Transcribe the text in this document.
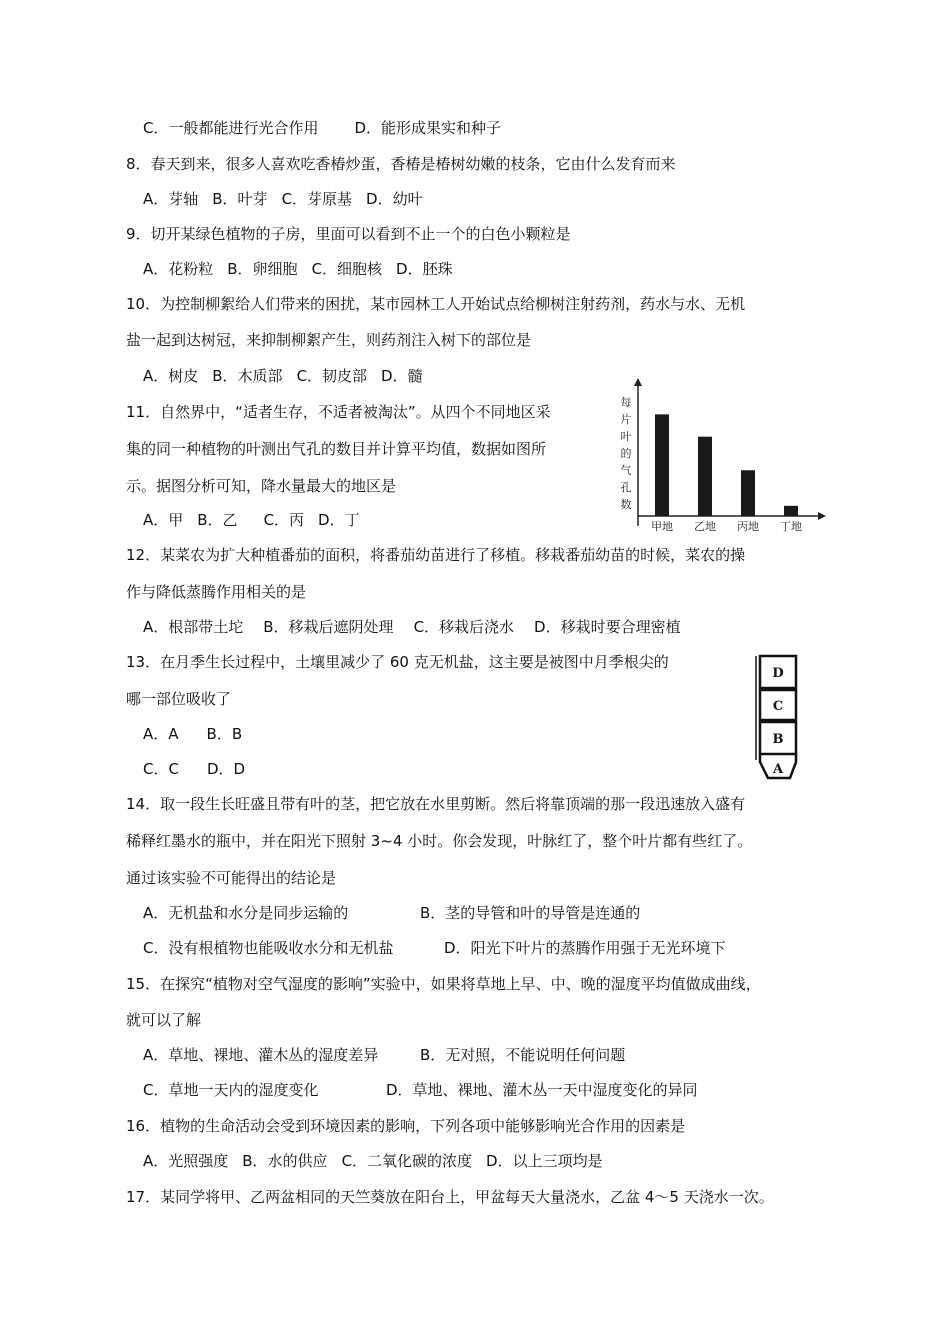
C．一般都能进行光合作用 D．能形成果实和种子
8．春天到来，很多人喜欢吃香椿炒蛋，香椿是椿树幼嫩的枝条，它由什么发育而来
A．芽轴 B．叶芽 C．芽原基 D．幼叶
9．切开某绿色植物的子房，里面可以看到不止一个的白色小颗粒是
A．花粉粒 B．卵细胞 C．细胞核 D．胚珠
10．为控制柳絮给人们带来的困扰，某市园林工人开始试点给柳树注射药剂，药水与水、无机
盐一起到达树冠，来抑制柳絮产生，则药剂注入树下的部位是
A．树皮 B．木质部 C．韧皮部 D．髓
11．自然界中，“适者生存，不适者被淘汰”。从四个不同地区采
集的同一种植物的叶测出气孔的数目并计算平均值，数据如图所
示。据图分析可知，降水量最大的地区是
A．甲 B．乙 C．丙 D．丁
每
片
叶
的
气
孔
数
甲地 乙地 丙地 丁地
12．某菜农为扩大种植番茄的面积，将番茄幼苗进行了移植。移栽番茄幼苗的时候，菜农的操
作与降低蒸腾作用相关的是
A．根部带土坨 B．移栽后遮阴处理 C．移栽后浇水 D．移栽时要合理密植
13．在月季生长过程中，土壤里减少了 60 克无机盐，这主要是被图中月季根尖的
哪一部位吸收了
A．A B．B
C．C D．D
D
C
B
A
14．取一段生长旺盛且带有叶的茎，把它放在水里剪断。然后将靠顶端的那一段迅速放入盛有
稀释红墨水的瓶中，并在阳光下照射 3~4 小时。你会发现，叶脉红了，整个叶片都有些红了。
通过该实验不可能得出的结论是
A．无机盐和水分是同步运输的	B．茎的导管和叶的导管是连通的
C．没有根植物也能吸收水分和无机盐	D．阳光下叶片的蒸腾作用强于无光环境下
15．在探究“植物对空气湿度的影响”实验中，如果将草地上早、中、晚的湿度平均值做成曲线，
就可以了解
A．草地、裸地、灌木丛的湿度差异	B．无对照，不能说明任何问题
C．草地一天内的湿度变化	D．草地、裸地、灌木丛一天中湿度变化的异同
16．植物的生命活动会受到环境因素的影响，下列各项中能够影响光合作用的因素是
A．光照强度 B．水的供应 C．二氧化碳的浓度 D．以上三项均是
17．某同学将甲、乙两盆相同的天竺葵放在阳台上，甲盆每天大量浇水，乙盆 4～5 天浇水一次。
